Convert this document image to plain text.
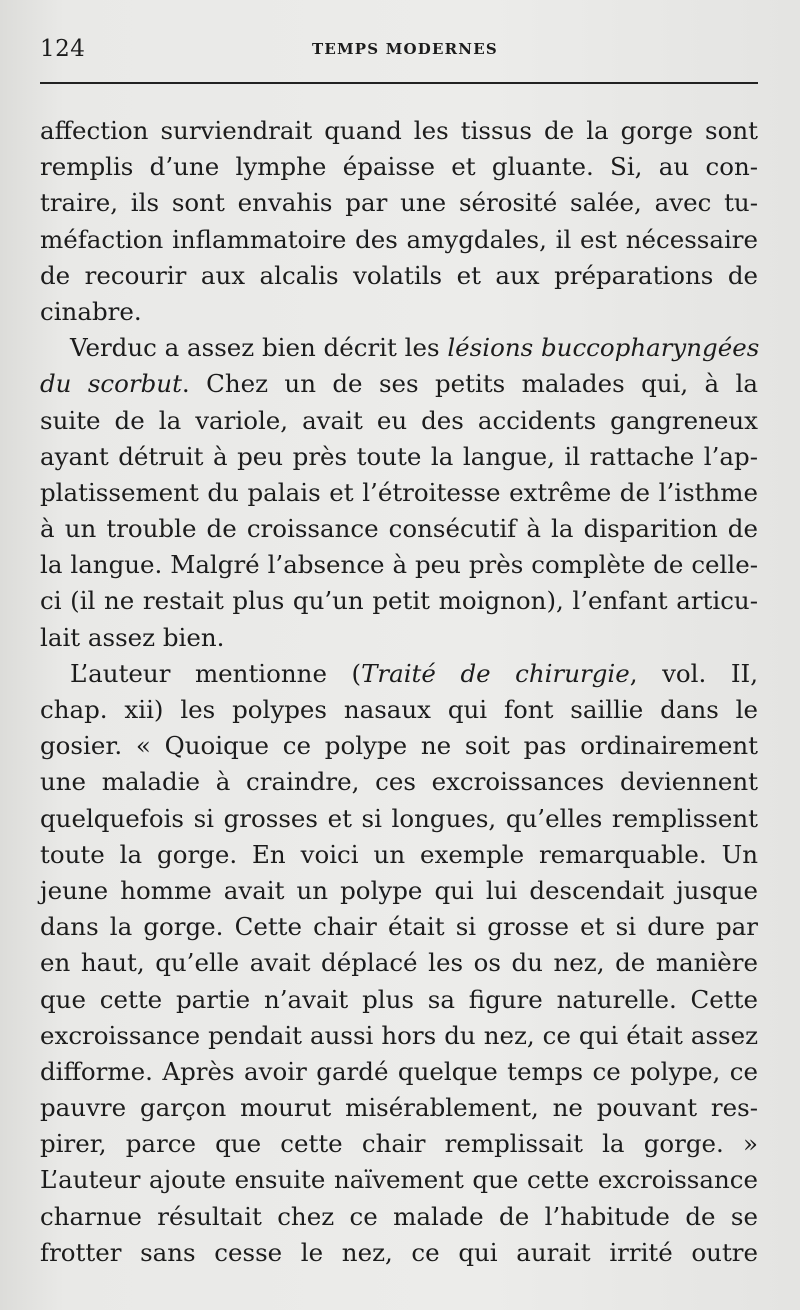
124	TEMPS MODERNES
affection surviendrait quand les tissus de la gorge sont
remplis d’une lymphe épaisse et gluante. Si, au con-
traire, ils sont envahis par une sérosité salée, avec tu-
méfaction inflammatoire des amygdales, il est nécessaire
de recourir aux alcalis volatils et aux préparations de
cinabre.
Verduc a assez bien décrit les lésions buccopharyngées
du scorbut. Chez un de ses petits malades qui, à la
suite de la variole, avait eu des accidents gangreneux
ayant détruit à peu près toute la langue, il rattache l’ap-
platissement du palais et l’étroitesse extrême de l’isthme
à un trouble de croissance consécutif à la disparition de
la langue. Malgré l’absence à peu près complète de celle-
ci (il ne restait plus qu’un petit moignon), l’enfant articu-
lait assez bien.
L’auteur mentionne (Traité de chirurgie, vol. II,
chap. xii) les polypes nasaux qui font saillie dans le
gosier. « Quoique ce polype ne soit pas ordinairement
une maladie à craindre, ces excroissances deviennent
quelquefois si grosses et si longues, qu’elles remplissent
toute la gorge. En voici un exemple remarquable. Un
jeune homme avait un polype qui lui descendait jusque
dans la gorge. Cette chair était si grosse et si dure par
en haut, qu’elle avait déplacé les os du nez, de manière
que cette partie n’avait plus sa figure naturelle. Cette
excroissance pendait aussi hors du nez, ce qui était assez
difforme. Après avoir gardé quelque temps ce polype, ce
pauvre garçon mourut misérablement, ne pouvant res-
pirer, parce que cette chair remplissait la gorge. »
L’auteur ajoute ensuite naïvement que cette excroissance
charnue résultait chez ce malade de l’habitude de se
frotter sans cesse le nez, ce qui aurait irrité outre
